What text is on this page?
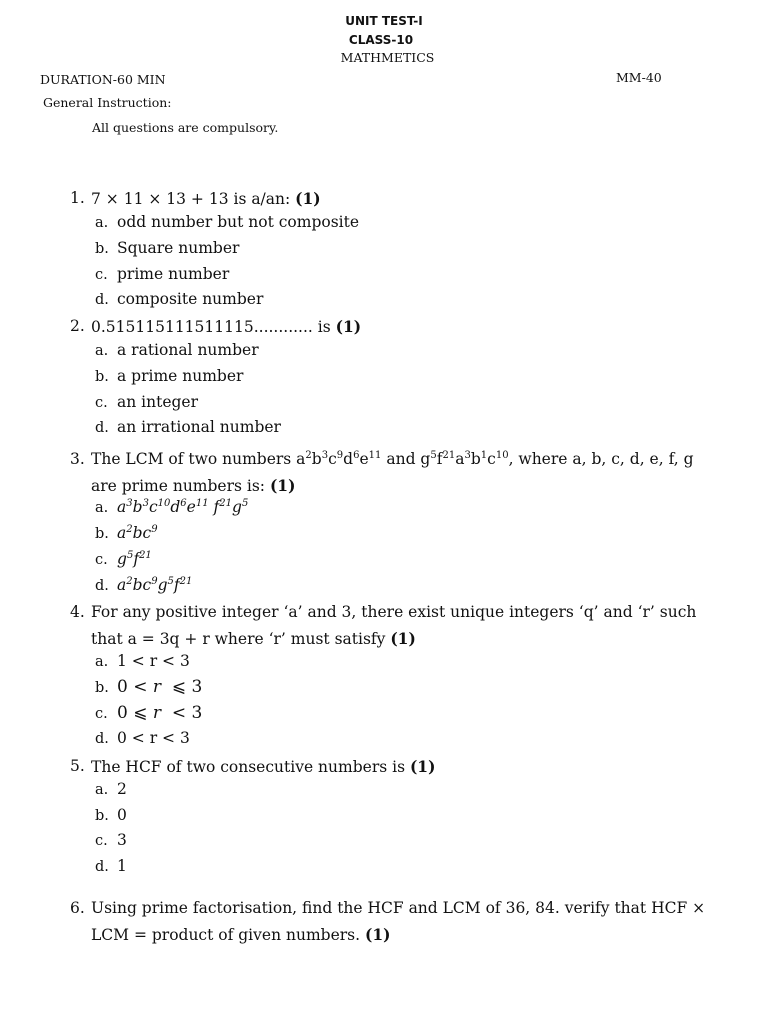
UNIT TEST-I
CLASS-10
MATHMETICS
DURATION-60 MIN	MM-40
General Instruction:
All questions are compulsory.
1. 7 × 11 × 13 + 13 is a/an: (1)
a. odd number but not composite
b. Square number
c. prime number
d. composite number
2. 0.515115111511115............ is (1)
a. a rational number
b. a prime number
c. an integer
d. an irrational number
3. The LCM of two numbers $a^2b^3c^9d^6e^{11}$ and $g^5f^{21}a^3b^1c^{10}$, where a, b, c, d, e, f, g are prime numbers is: (1)
a. $a^3b^3c^{10}d^6e^{11}$ $f^{21}g^5$
b. $a^2bc^9$
c. $g^5f^{21}$
d. $a^2bc^9g^5f^{21}$
4. For any positive integer ‘a’ and 3, there exist unique integers ‘q’ and ‘r’ such that a = 3q + r where ‘r’ must satisfy (1)
a. 1 < r < 3
b. 0 < r  ⩽ 3
c. 0 ⩽ r  < 3
d. 0 < r < 3
5. The HCF of two consecutive numbers is (1)
a. 2
b. 0
c. 3
d. 1
6. Using prime factorisation, find the HCF and LCM of 36, 84. verify that HCF × LCM = product of given numbers. (1)
